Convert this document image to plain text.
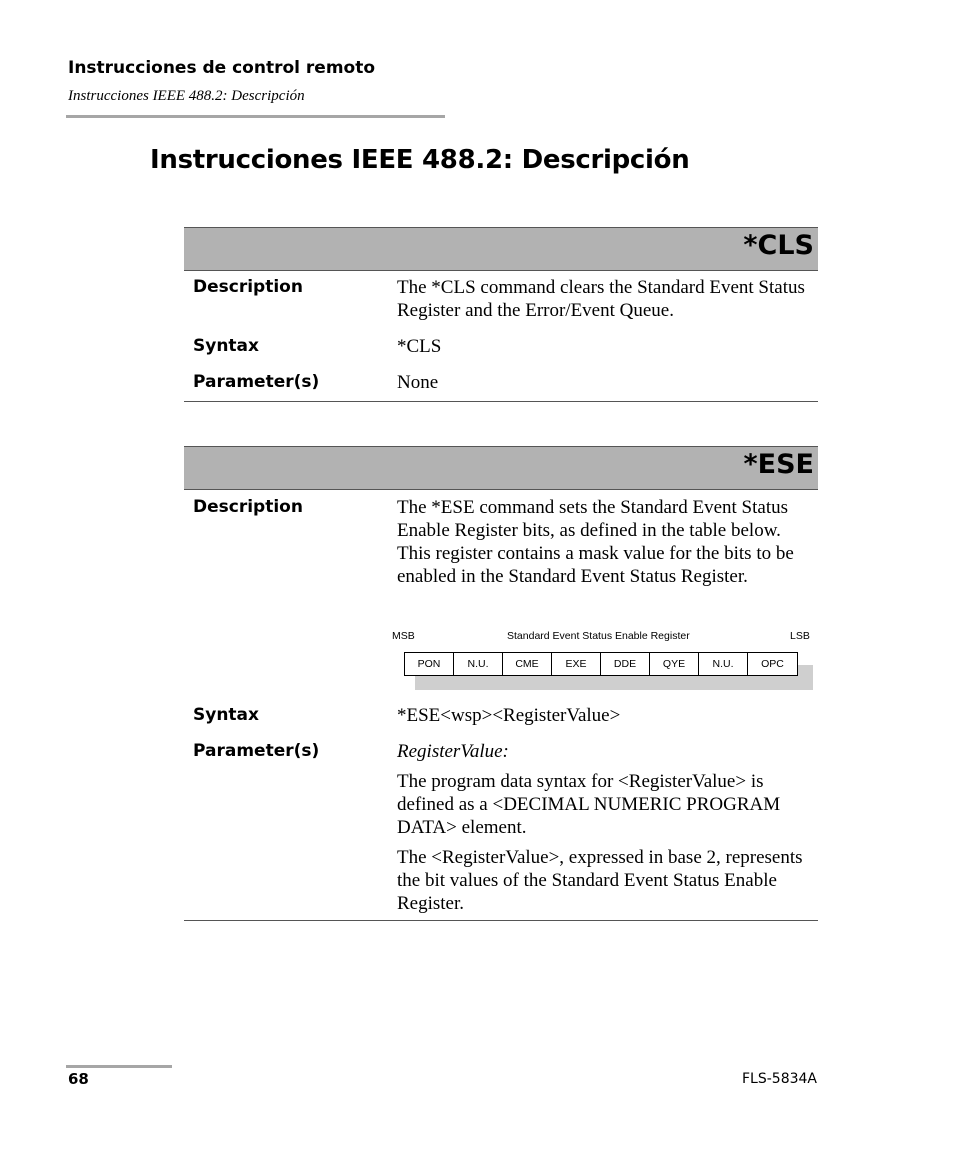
Instrucciones de control remoto
Instrucciones IEEE 488.2: Descripción
Instrucciones IEEE 488.2: Descripción
*CLS
Description	The *CLS command clears the Standard Event Status Register and the Error/Event Queue.
Syntax	*CLS
Parameter(s)	None
*ESE
Description	The *ESE command sets the Standard Event Status Enable Register bits, as defined in the table below. This register contains a mask value for the bits to be enabled in the Standard Event Status Register.
MSB	Standard Event Status Enable Register	LSB
PON	N.U.	CME	EXE	DDE	QYE	N.U.	OPC
Syntax	*ESE<wsp><RegisterValue>
Parameter(s)	RegisterValue:
The program data syntax for <RegisterValue> is defined as a <DECIMAL NUMERIC PROGRAM DATA> element.
The <RegisterValue>, expressed in base 2, represents the bit values of the Standard Event Status Enable Register.
68	FLS-5834A
